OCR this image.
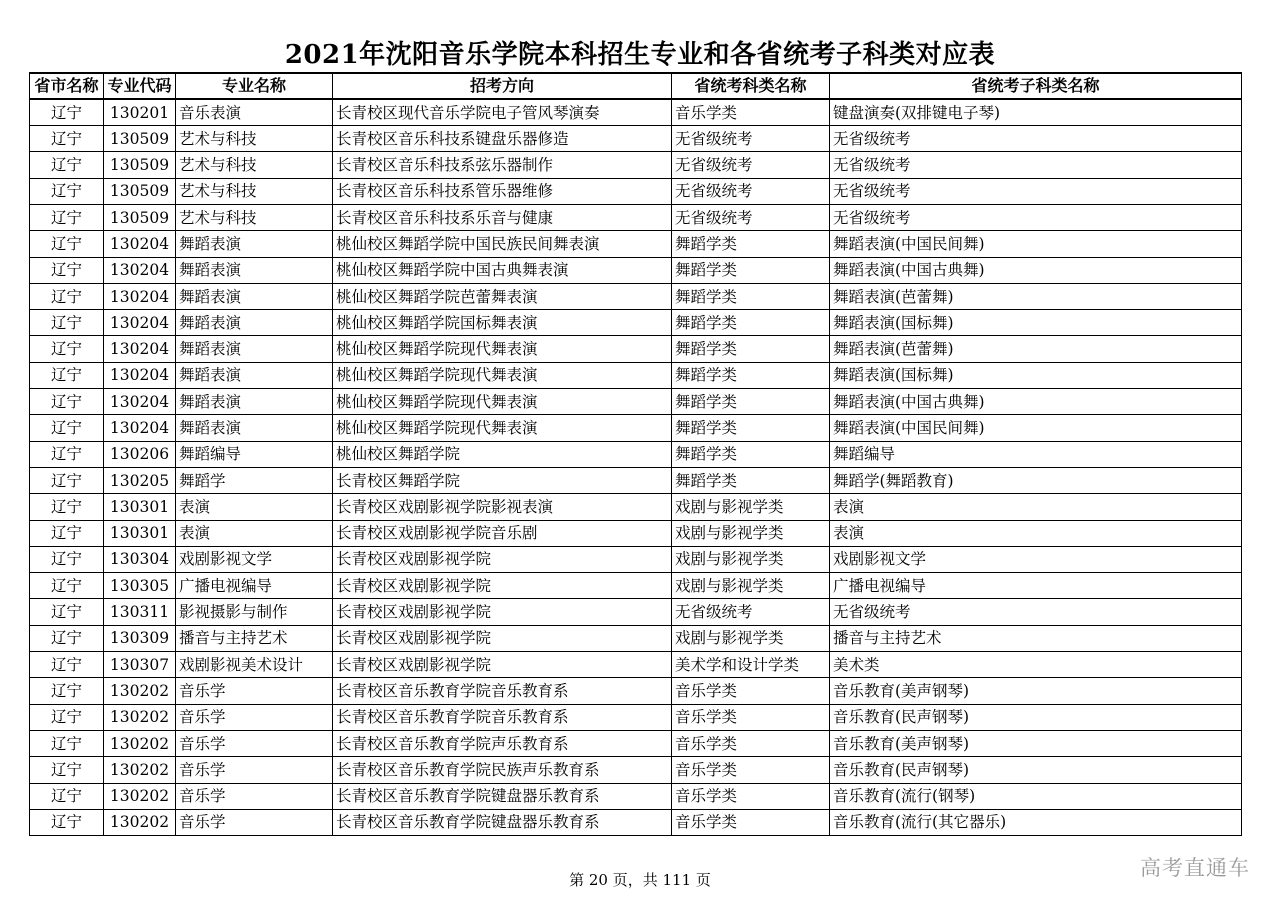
2021年沈阳音乐学院本科招生专业和各省统考子科类对应表
省市名称	专业代码	专业名称	招考方向	省统考科类名称	省统考子科类名称
辽宁	130201	音乐表演	长青校区现代音乐学院电子管风琴演奏	音乐学类	键盘演奏(双排键电子琴)
辽宁	130509	艺术与科技	长青校区音乐科技系键盘乐器修造	无省级统考	无省级统考
辽宁	130509	艺术与科技	长青校区音乐科技系弦乐器制作	无省级统考	无省级统考
辽宁	130509	艺术与科技	长青校区音乐科技系管乐器维修	无省级统考	无省级统考
辽宁	130509	艺术与科技	长青校区音乐科技系乐音与健康	无省级统考	无省级统考
辽宁	130204	舞蹈表演	桃仙校区舞蹈学院中国民族民间舞表演	舞蹈学类	舞蹈表演(中国民间舞)
辽宁	130204	舞蹈表演	桃仙校区舞蹈学院中国古典舞表演	舞蹈学类	舞蹈表演(中国古典舞)
辽宁	130204	舞蹈表演	桃仙校区舞蹈学院芭蕾舞表演	舞蹈学类	舞蹈表演(芭蕾舞)
辽宁	130204	舞蹈表演	桃仙校区舞蹈学院国标舞表演	舞蹈学类	舞蹈表演(国标舞)
辽宁	130204	舞蹈表演	桃仙校区舞蹈学院现代舞表演	舞蹈学类	舞蹈表演(芭蕾舞)
辽宁	130204	舞蹈表演	桃仙校区舞蹈学院现代舞表演	舞蹈学类	舞蹈表演(国标舞)
辽宁	130204	舞蹈表演	桃仙校区舞蹈学院现代舞表演	舞蹈学类	舞蹈表演(中国古典舞)
辽宁	130204	舞蹈表演	桃仙校区舞蹈学院现代舞表演	舞蹈学类	舞蹈表演(中国民间舞)
辽宁	130206	舞蹈编导	桃仙校区舞蹈学院	舞蹈学类	舞蹈编导
辽宁	130205	舞蹈学	长青校区舞蹈学院	舞蹈学类	舞蹈学(舞蹈教育)
辽宁	130301	表演	长青校区戏剧影视学院影视表演	戏剧与影视学类	表演
辽宁	130301	表演	长青校区戏剧影视学院音乐剧	戏剧与影视学类	表演
辽宁	130304	戏剧影视文学	长青校区戏剧影视学院	戏剧与影视学类	戏剧影视文学
辽宁	130305	广播电视编导	长青校区戏剧影视学院	戏剧与影视学类	广播电视编导
辽宁	130311	影视摄影与制作	长青校区戏剧影视学院	无省级统考	无省级统考
辽宁	130309	播音与主持艺术	长青校区戏剧影视学院	戏剧与影视学类	播音与主持艺术
辽宁	130307	戏剧影视美术设计	长青校区戏剧影视学院	美术学和设计学类	美术类
辽宁	130202	音乐学	长青校区音乐教育学院音乐教育系	音乐学类	音乐教育(美声钢琴)
辽宁	130202	音乐学	长青校区音乐教育学院音乐教育系	音乐学类	音乐教育(民声钢琴)
辽宁	130202	音乐学	长青校区音乐教育学院声乐教育系	音乐学类	音乐教育(美声钢琴)
辽宁	130202	音乐学	长青校区音乐教育学院民族声乐教育系	音乐学类	音乐教育(民声钢琴)
辽宁	130202	音乐学	长青校区音乐教育学院键盘器乐教育系	音乐学类	音乐教育(流行(钢琴)
辽宁	130202	音乐学	长青校区音乐教育学院键盘器乐教育系	音乐学类	音乐教育(流行(其它器乐)
第 20 页，共 111 页	高考直通车
